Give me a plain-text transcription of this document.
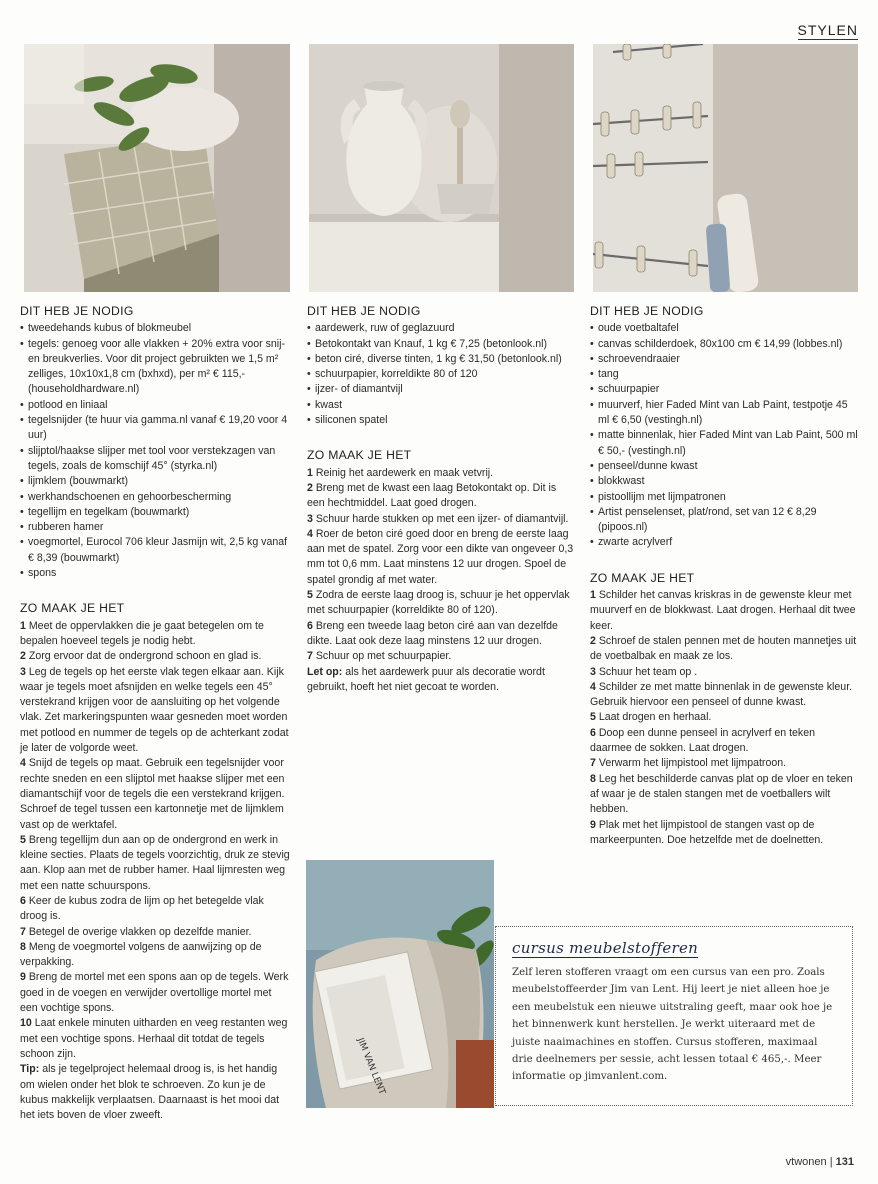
STYLEN
DIT HEB JE NODIG
• tweedehands kubus of blokmeubel
• tegels: genoeg voor alle vlakken + 20% extra voor snij- en breukverlies. Voor dit project gebruikten we 1,5 m² zelliges, 10x10x1,8 cm (bxhxd), per m² € 115,- (householdhardware.nl)
• potlood en liniaal
• tegelsnijder (te huur via gamma.nl vanaf € 19,20 voor 4 uur)
• slijptol/haakse slijper met tool voor verstekzagen van tegels, zoals de komschijf 45° (styrka.nl)
• lijmklem (bouwmarkt)
• werkhandschoenen en gehoorbescherming
• tegellijm en tegelkam (bouwmarkt)
• rubberen hamer
• voegmortel, Eurocol 706 kleur Jasmijn wit, 2,5 kg vanaf € 8,39 (bouwmarkt)
• spons
ZO MAAK JE HET
1 Meet de oppervlakken die je gaat betegelen om te bepalen hoeveel tegels je nodig hebt.
2 Zorg ervoor dat de ondergrond schoon en glad is.
3 Leg de tegels op het eerste vlak tegen elkaar aan. Kijk waar je tegels moet afsnijden en welke tegels een 45° verstekrand krijgen voor de aansluiting op het volgende vlak. Zet markeringspunten waar gesneden moet worden met potlood en nummer de tegels op de achterkant zodat je later de volgorde weet.
4 Snijd de tegels op maat. Gebruik een tegelsnijder voor rechte sneden en een slijptol met haakse slijper met een diamantschijf voor de tegels die een verstekrand krijgen. Schroef de tegel tussen een kartonnetje met de lijmklem vast op de werktafel.
5 Breng tegellijm dun aan op de ondergrond en werk in kleine secties. Plaats de tegels voorzichtig, druk ze stevig aan. Klop aan met de rubber hamer. Haal lijmresten weg met een natte schuurspons.
6 Keer de kubus zodra de lijm op het betegelde vlak droog is.
7 Betegel de overige vlakken op dezelfde manier.
8 Meng de voegmortel volgens de aanwijzing op de verpakking.
9 Breng de mortel met een spons aan op de tegels. Werk goed in de voegen en verwijder overtollige mortel met een vochtige spons.
10 Laat enkele minuten uitharden en veeg restanten weg met een vochtige spons. Herhaal dit totdat de tegels schoon zijn.
Tip: als je tegelproject helemaal droog is, is het handig om wielen onder het blok te schroeven. Zo kun je de kubus makkelijk verplaatsen. Daarnaast is het mooi dat het iets boven de vloer zweeft.
DIT HEB JE NODIG
• aardewerk, ruw of geglazuurd
• Betokontakt van Knauf, 1 kg € 7,25 (betonlook.nl)
• beton ciré, diverse tinten, 1 kg € 31,50 (betonlook.nl)
• schuurpapier, korreldikte 80 of 120
• ijzer- of diamantvijl
• kwast
• siliconen spatel
ZO MAAK JE HET
1 Reinig het aardewerk en maak vetvrij.
2 Breng met de kwast een laag Betokontakt op. Dit is een hechtmiddel. Laat goed drogen.
3 Schuur harde stukken op met een ijzer- of diamantvijl.
4 Roer de beton ciré goed door en breng de eerste laag aan met de spatel. Zorg voor een dikte van ongeveer 0,3 mm tot 0,6 mm. Laat minstens 12 uur drogen. Spoel de spatel grondig af met water.
5 Zodra de eerste laag droog is, schuur je het oppervlak met schuurpapier (korreldikte 80 of 120).
6 Breng een tweede laag beton ciré aan van dezelfde dikte. Laat ook deze laag minstens 12 uur drogen.
7 Schuur op met schuurpapier.
Let op: als het aardewerk puur als decoratie wordt gebruikt, hoeft het niet gecoat te worden.
DIT HEB JE NODIG
• oude voetbaltafel
• canvas schilderdoek, 80x100 cm € 14,99 (lobbes.nl)
• schroevendraaier
• tang
• schuurpapier
• muurverf, hier Faded Mint van Lab Paint, testpotje 45 ml € 6,50 (vestingh.nl)
• matte binnenlak, hier Faded Mint van Lab Paint, 500 ml € 50,- (vestingh.nl)
• penseel/dunne kwast
• blokkwast
• pistoollijm met lijmpatronen
• Artist penselenset, plat/rond, set van 12 € 8,29 (pipoos.nl)
• zwarte acrylverf
ZO MAAK JE HET
1 Schilder het canvas kriskras in de gewenste kleur met muurverf en de blokkwast. Laat drogen. Herhaal dit twee keer.
2 Schroef de stalen pennen met de houten mannetjes uit de voetbalbak en maak ze los.
3 Schuur het team op .
4 Schilder ze met matte binnenlak in de gewenste kleur. Gebruik hiervoor een penseel of dunne kwast.
5 Laat drogen en herhaal.
6 Doop een dunne penseel in acrylverf en teken daarmee de sokken. Laat drogen.
7 Verwarm het lijmpistool met lijmpatroon.
8 Leg het beschilderde canvas plat op de vloer en teken af waar je de stalen stangen met de voetballers wilt hebben.
9 Plak met het lijmpistool de stangen vast op de markeerpunten. Doe hetzelfde met de doelnetten.
JIM VAN LENT
cursus meubelstofferen
Zelf leren stofferen vraagt om een cursus van een pro. Zoals meubelstoffeerder Jim van Lent. Hij leert je niet alleen hoe je een meubelstuk een nieuwe uitstraling geeft, maar ook hoe je het binnenwerk kunt herstellen. Je werkt uiteraard met de juiste naaimachines en stoffen. Cursus stofferen, maximaal drie deelnemers per sessie, acht lessen totaal € 465,-. Meer informatie op jimvanlent.com.
vtwonen | 131
